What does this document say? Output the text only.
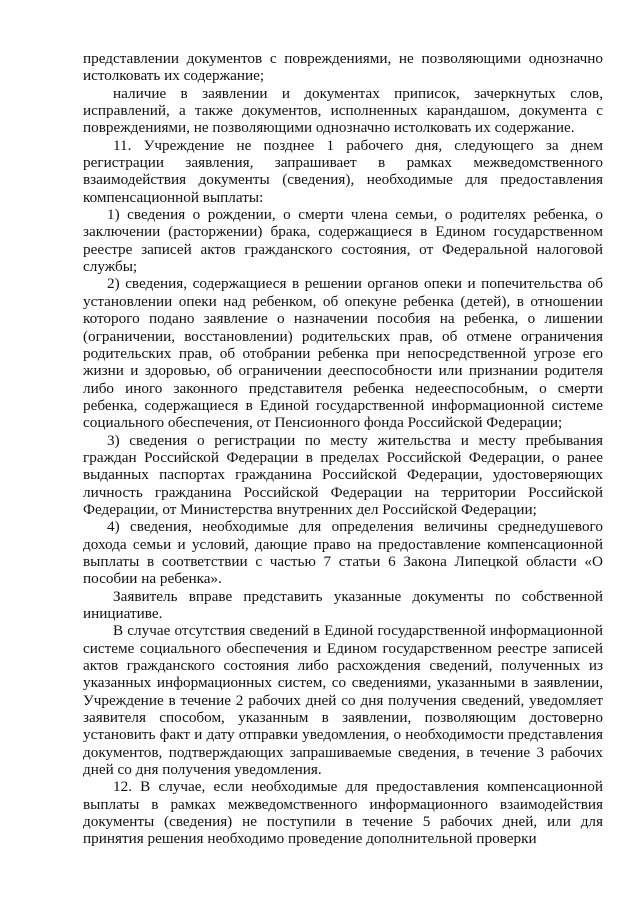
представлении документов с повреждениями, не позволяющими однозначно истолковать их содержание;

наличие в заявлении и документах приписок, зачеркнутых слов, исправлений, а также документов, исполненных карандашом, документа с повреждениями, не позволяющими однозначно истолковать их содержание.

11. Учреждение не позднее 1 рабочего дня, следующего за днем регистрации заявления, запрашивает в рамках межведомственного взаимодействия документы (сведения), необходимые для предоставления компенсационной выплаты:

1) сведения о рождении, о смерти члена семьи, о родителях ребенка, о заключении (расторжении) брака, содержащиеся в Едином государственном реестре записей актов гражданского состояния, от Федеральной налоговой службы;

2) сведения, содержащиеся в решении органов опеки и попечительства об установлении опеки над ребенком, об опекуне ребенка (детей), в отношении которого подано заявление о назначении пособия на ребенка, о лишении (ограничении, восстановлении) родительских прав, об отмене ограничения родительских прав, об отобрании ребенка при непосредственной угрозе его жизни и здоровью, об ограничении дееспособности или признании родителя либо иного законного представителя ребенка недееспособным, о смерти ребенка, содержащиеся в Единой государственной информационной системе социального обеспечения, от Пенсионного фонда Российской Федерации;

3) сведения о регистрации по месту жительства и месту пребывания граждан Российской Федерации в пределах Российской Федерации, о ранее выданных паспортах гражданина Российской Федерации, удостоверяющих личность гражданина Российской Федерации на территории Российской Федерации, от Министерства внутренних дел Российской Федерации;

4) сведения, необходимые для определения величины среднедушевого дохода семьи и условий, дающие право на предоставление компенсационной выплаты в соответствии с частью 7 статьи 6 Закона Липецкой области «О пособии на ребенка».

Заявитель вправе представить указанные документы по собственной инициативе.

В случае отсутствия сведений в Единой государственной информационной системе социального обеспечения и Едином государственном реестре записей актов гражданского состояния либо расхождения сведений, полученных из указанных информационных систем, со сведениями, указанными в заявлении, Учреждение в течение 2 рабочих дней со дня получения сведений, уведомляет заявителя способом, указанным в заявлении, позволяющим достоверно установить факт и дату отправки уведомления, о необходимости представления документов, подтверждающих запрашиваемые сведения, в течение 3 рабочих дней со дня получения уведомления.

12. В случае, если необходимые для предоставления компенсационной выплаты в рамках межведомственного информационного взаимодействия документы (сведения) не поступили в течение 5 рабочих дней, или для принятия решения необходимо проведение дополнительной проверки
